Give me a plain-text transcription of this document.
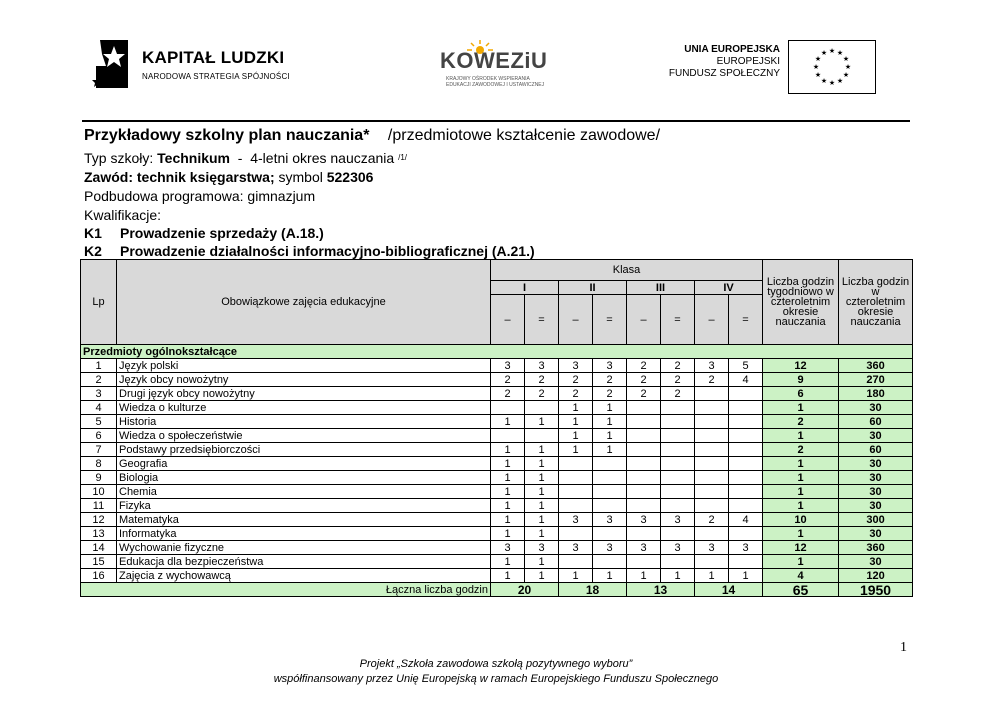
KAPITAŁ LUDZKI
NARODOWA STRATEGIA SPÓJNOŚCI
KOWEZiU
KRAJOWY OŚRODEK WSPIERANIA
EDUKACJI ZAWODOWEJ I USTAWICZNEJ
UNIA EUROPEJSKA
EUROPEJSKI
FUNDUSZ SPOŁECZNY
★ ★
★
★
★
★
★
★
★
★
★
★
Przykładowy szkolny plan nauczania* /przedmiotowe kształcenie zawodowe/
Typ szkoły: Technikum  -  4-letni okres nauczania $^{/1/}$
Zawód: technik księgarstwa; symbol 522306
Podbudowa programowa: gimnazjum
Kwalifikacje:
K1 Prowadzenie sprzedaży (A.18.)
K2 Prowadzenie działalności informacyjno-bibliograficznej (A.21.)
Lp	Obowiązkowe zajęcia edukacyjne	Klasa								Liczba godzin tygodniowo w czteroletnim okresie nauczania	Liczba godzin w czteroletnim okresie nauczania
		I		II		III		IV			
		–	=	–	=	–	=	–	=		
Przedmioty ogólnokształcące											
1	Język polski	3	3	3	3	2	2	3	5	12	360
2	Język obcy nowożytny	2	2	2	2	2	2	2	4	9	270
3	Drugi język obcy nowożytny	2	2	2	2	2	2			6	180
4	Wiedza o kulturze			1	1					1	30
5	Historia	1	1	1	1					2	60
6	Wiedza o społeczeństwie			1	1					1	30
7	Podstawy przedsiębiorczości	1	1	1	1					2	60
8	Geografia	1	1							1	30
9	Biologia	1	1							1	30
10	Chemia	1	1							1	30
11	Fizyka	1	1							1	30
12	Matematyka	1	1	3	3	3	3	2	4	10	300
13	Informatyka	1	1							1	30
14	Wychowanie fizyczne	3	3	3	3	3	3	3	3	12	360
15	Edukacja dla bezpieczeństwa	1	1							1	30
16	Zajęcia z wychowawcą	1	1	1	1	1	1	1	1	4	120
Łączna liczba godzin		20		18		13		14		65	1950
1
Projekt „Szkoła zawodowa szkołą pozytywnego wyboru”
współfinansowany przez Unię Europejską w ramach Europejskiego Funduszu Społecznego
